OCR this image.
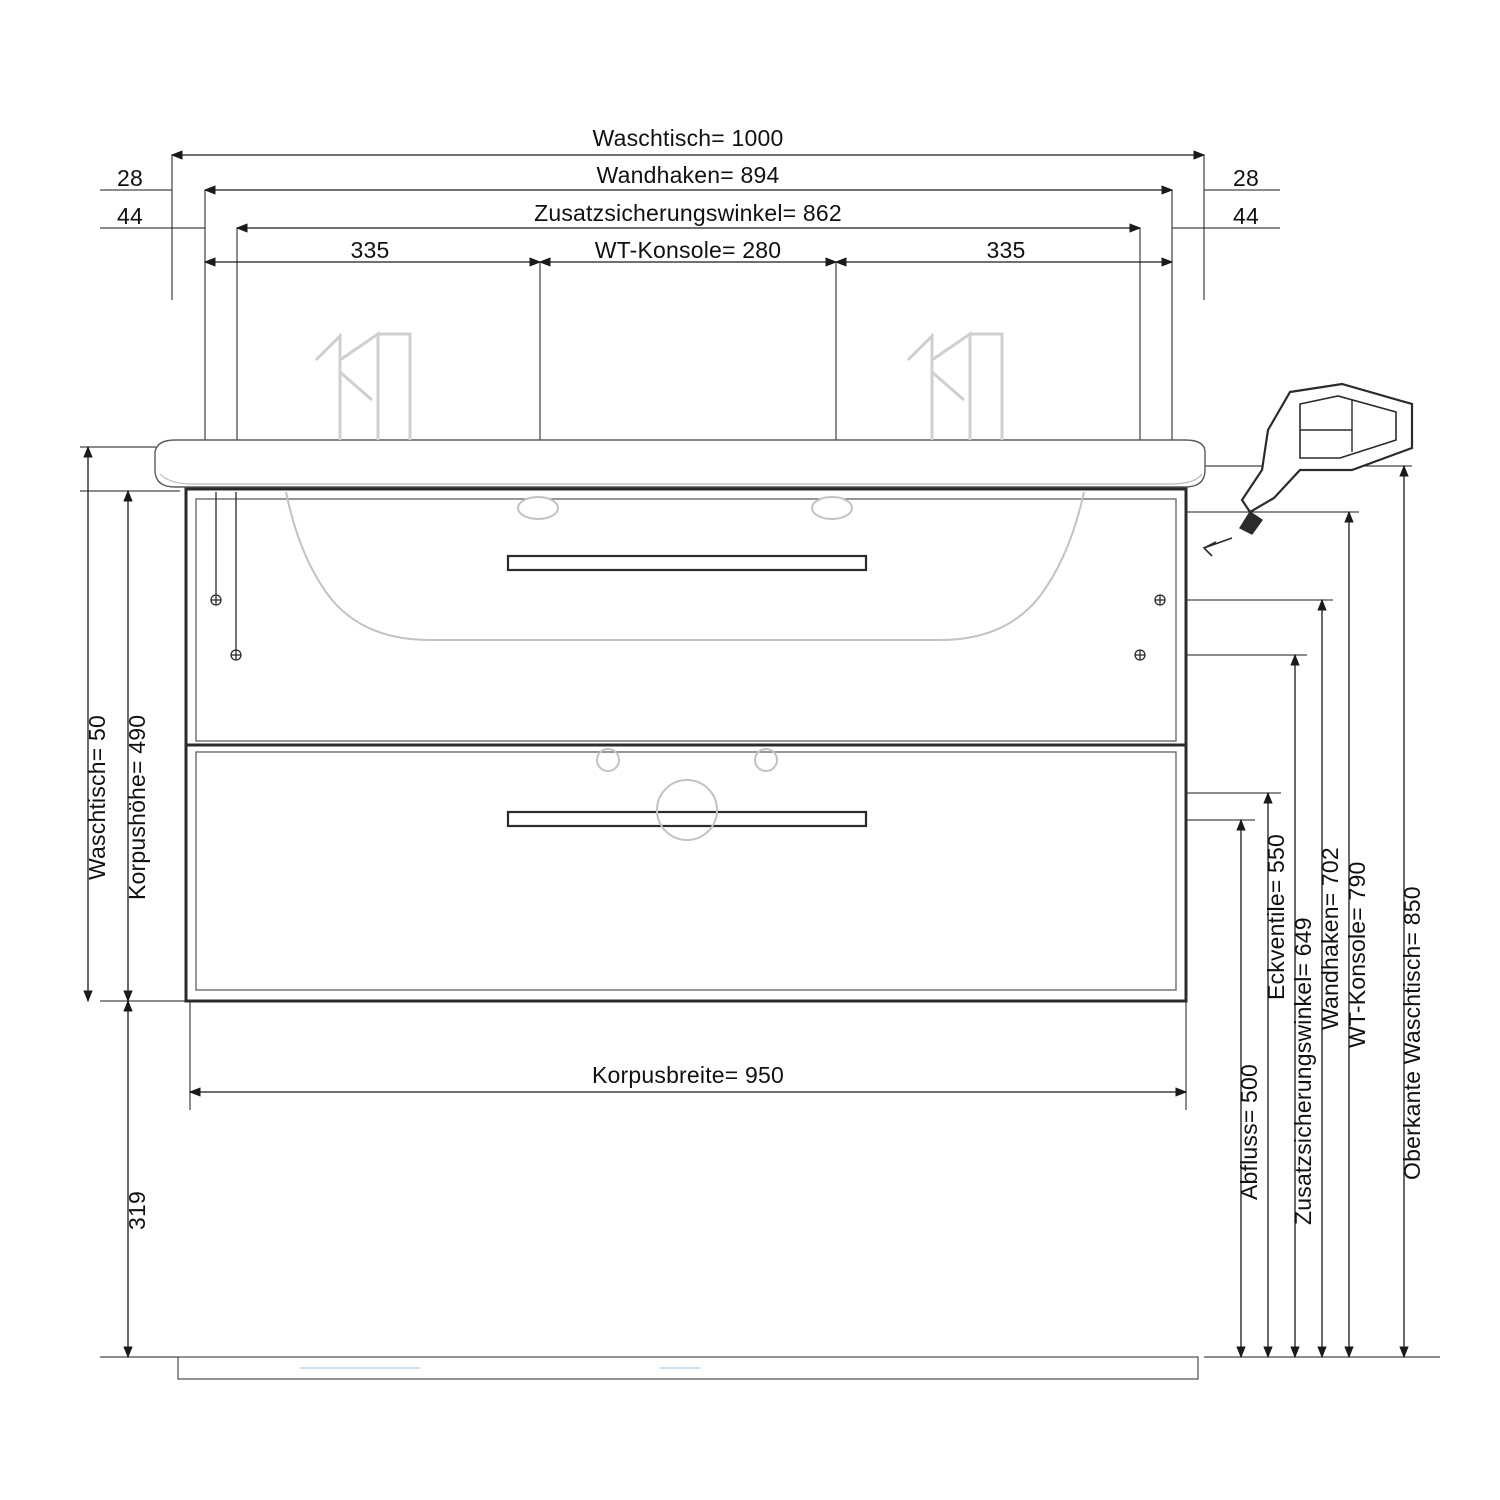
Waschtisch= 1000
Wandhaken= 894
Zusatzsicherungswinkel= 862
WT-Konsole= 280
335	335
28
44
28
44
Waschtisch= 50 Korpushöhe= 490
319
Korpusbreite= 950	Abfluss= 500
Eckventile= 550
Zusatzsicherungswinkel= 649 Wandhaken= 702 WT-Konsole= 790 Oberkante Waschtisch= 850
